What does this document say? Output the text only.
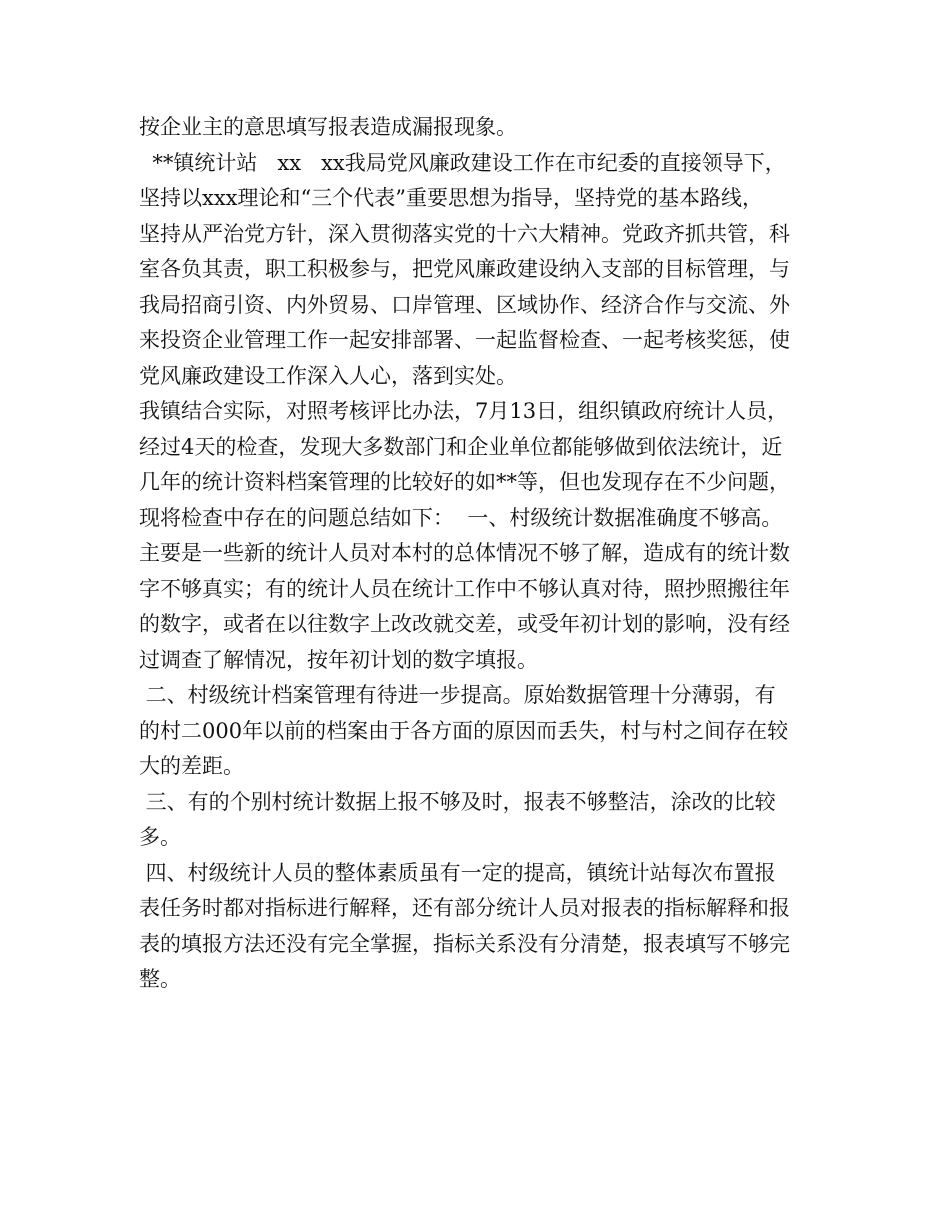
按企业主的意思填写报表造成漏报现象。
**镇统计站   xx   xx我局党风廉政建设工作在市纪委的直接领导下，
坚持以xxx理论和“三个代表”重要思想为指导，坚持党的基本路线，
坚持从严治党方针，深入贯彻落实党的十六大精神。党政齐抓共管，科
室各负其责，职工积极参与，把党风廉政建设纳入支部的目标管理，与
我局招商引资、内外贸易、口岸管理、区域协作、经济合作与交流、外
来投资企业管理工作一起安排部署、一起监督检查、一起考核奖惩，使
党风廉政建设工作深入人心，落到实处。
我镇结合实际，对照考核评比办法，7月13日，组织镇政府统计人员，
经过4天的检查，发现大多数部门和企业单位都能够做到依法统计，近
几年的统计资料档案管理的比较好的如**等，但也发现存在不少问题，
现将检查中存在的问题总结如下：  一、村级统计数据准确度不够高。
主要是一些新的统计人员对本村的总体情况不够了解，造成有的统计数
字不够真实；有的统计人员在统计工作中不够认真对待，照抄照搬往年
的数字，或者在以往数字上改改就交差，或受年初计划的影响，没有经
过调查了解情况，按年初计划的数字填报。
二、村级统计档案管理有待进一步提高。原始数据管理十分薄弱，有
的村二000年以前的档案由于各方面的原因而丢失，村与村之间存在较
大的差距。
三、有的个别村统计数据上报不够及时，报表不够整洁，涂改的比较
多。
四、村级统计人员的整体素质虽有一定的提高，镇统计站每次布置报
表任务时都对指标进行解释，还有部分统计人员对报表的指标解释和报
表的填报方法还没有完全掌握，指标关系没有分清楚，报表填写不够完
整。
